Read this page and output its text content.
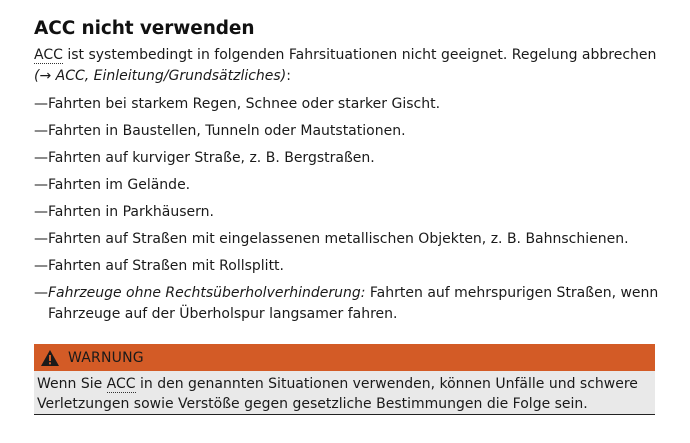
ACC nicht verwenden
ACC ist systembedingt in folgenden Fahrsituationen nicht geeignet. Regelung abbrechen (→ ACC, Einleitung/Grundsätzliches):
— Fahrten bei starkem Regen, Schnee oder starker Gischt.
— Fahrten in Baustellen, Tunneln oder Mautstationen.
— Fahrten auf kurviger Straße, z. B. Bergstraßen.
— Fahrten im Gelände.
— Fahrten in Parkhäusern.
— Fahrten auf Straßen mit eingelassenen metallischen Objekten, z. B. Bahnschienen.
— Fahrten auf Straßen mit Rollsplitt.
— Fahrzeuge ohne Rechtsüberholverhinderung: Fahrten auf mehrspurigen Straßen, wenn Fahrzeuge auf der Überholspur langsamer fahren.
WARNUNG
Wenn Sie ACC in den genannten Situationen verwenden, können Unfälle und schwere Verletzungen sowie Verstöße gegen gesetzliche Bestimmungen die Folge sein.
